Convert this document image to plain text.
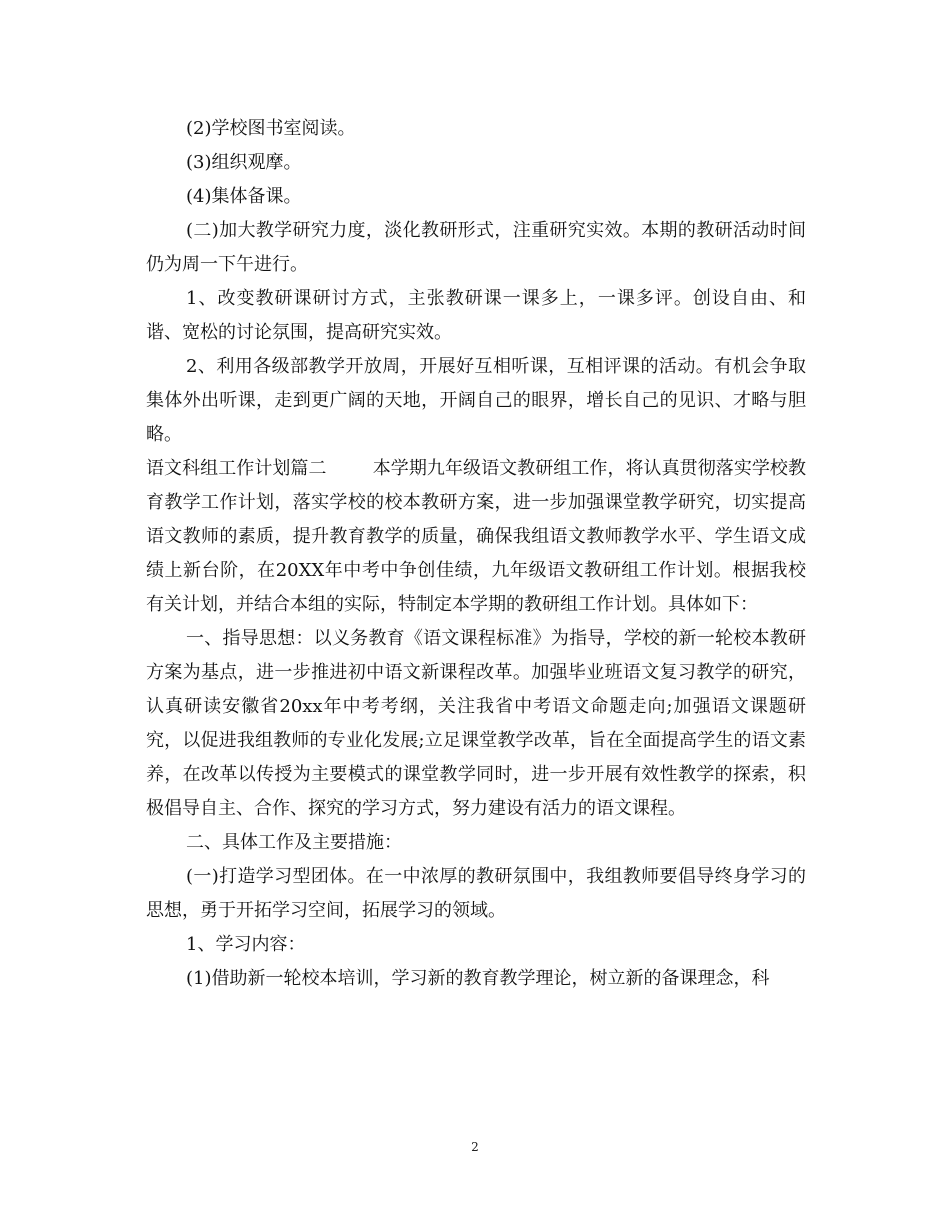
(2)学校图书室阅读。

(3)组织观摩。

(4)集体备课。

(二)加大教学研究力度，淡化教研形式，注重研究实效。本期的教研活动时间仍为周一下午进行。

1、改变教研课研讨方式，主张教研课一课多上，一课多评。创设自由、和谐、宽松的讨论氛围，提高研究实效。

2、利用各级部教学开放周，开展好互相听课，互相评课的活动。有机会争取集体外出听课，走到更广阔的天地，开阔自己的眼界，增长自己的见识、才略与胆略。

语文科组工作计划篇二        本学期九年级语文教研组工作，将认真贯彻落实学校教育教学工作计划，落实学校的校本教研方案，进一步加强课堂教学研究，切实提高语文教师的素质，提升教育教学的质量，确保我组语文教师教学水平、学生语文成绩上新台阶，在20XX年中考中争创佳绩，九年级语文教研组工作计划。根据我校有关计划，并结合本组的实际，特制定本学期的教研组工作计划。具体如下：

一、指导思想：以义务教育《语文课程标准》为指导，学校的新一轮校本教研方案为基点，进一步推进初中语文新课程改革。加强毕业班语文复习教学的研究，认真研读安徽省20xx年中考考纲，关注我省中考语文命题走向;加强语文课题研究，以促进我组教师的专业化发展;立足课堂教学改革，旨在全面提高学生的语文素养，在改革以传授为主要模式的课堂教学同时，进一步开展有效性教学的探索，积极倡导自主、合作、探究的学习方式，努力建设有活力的语文课程。

二、具体工作及主要措施：

(一)打造学习型团体。在一中浓厚的教研氛围中，我组教师要倡导终身学习的思想，勇于开拓学习空间，拓展学习的领域。

1、学习内容：

(1)借助新一轮校本培训，学习新的教育教学理论，树立新的备课理念，科

2
